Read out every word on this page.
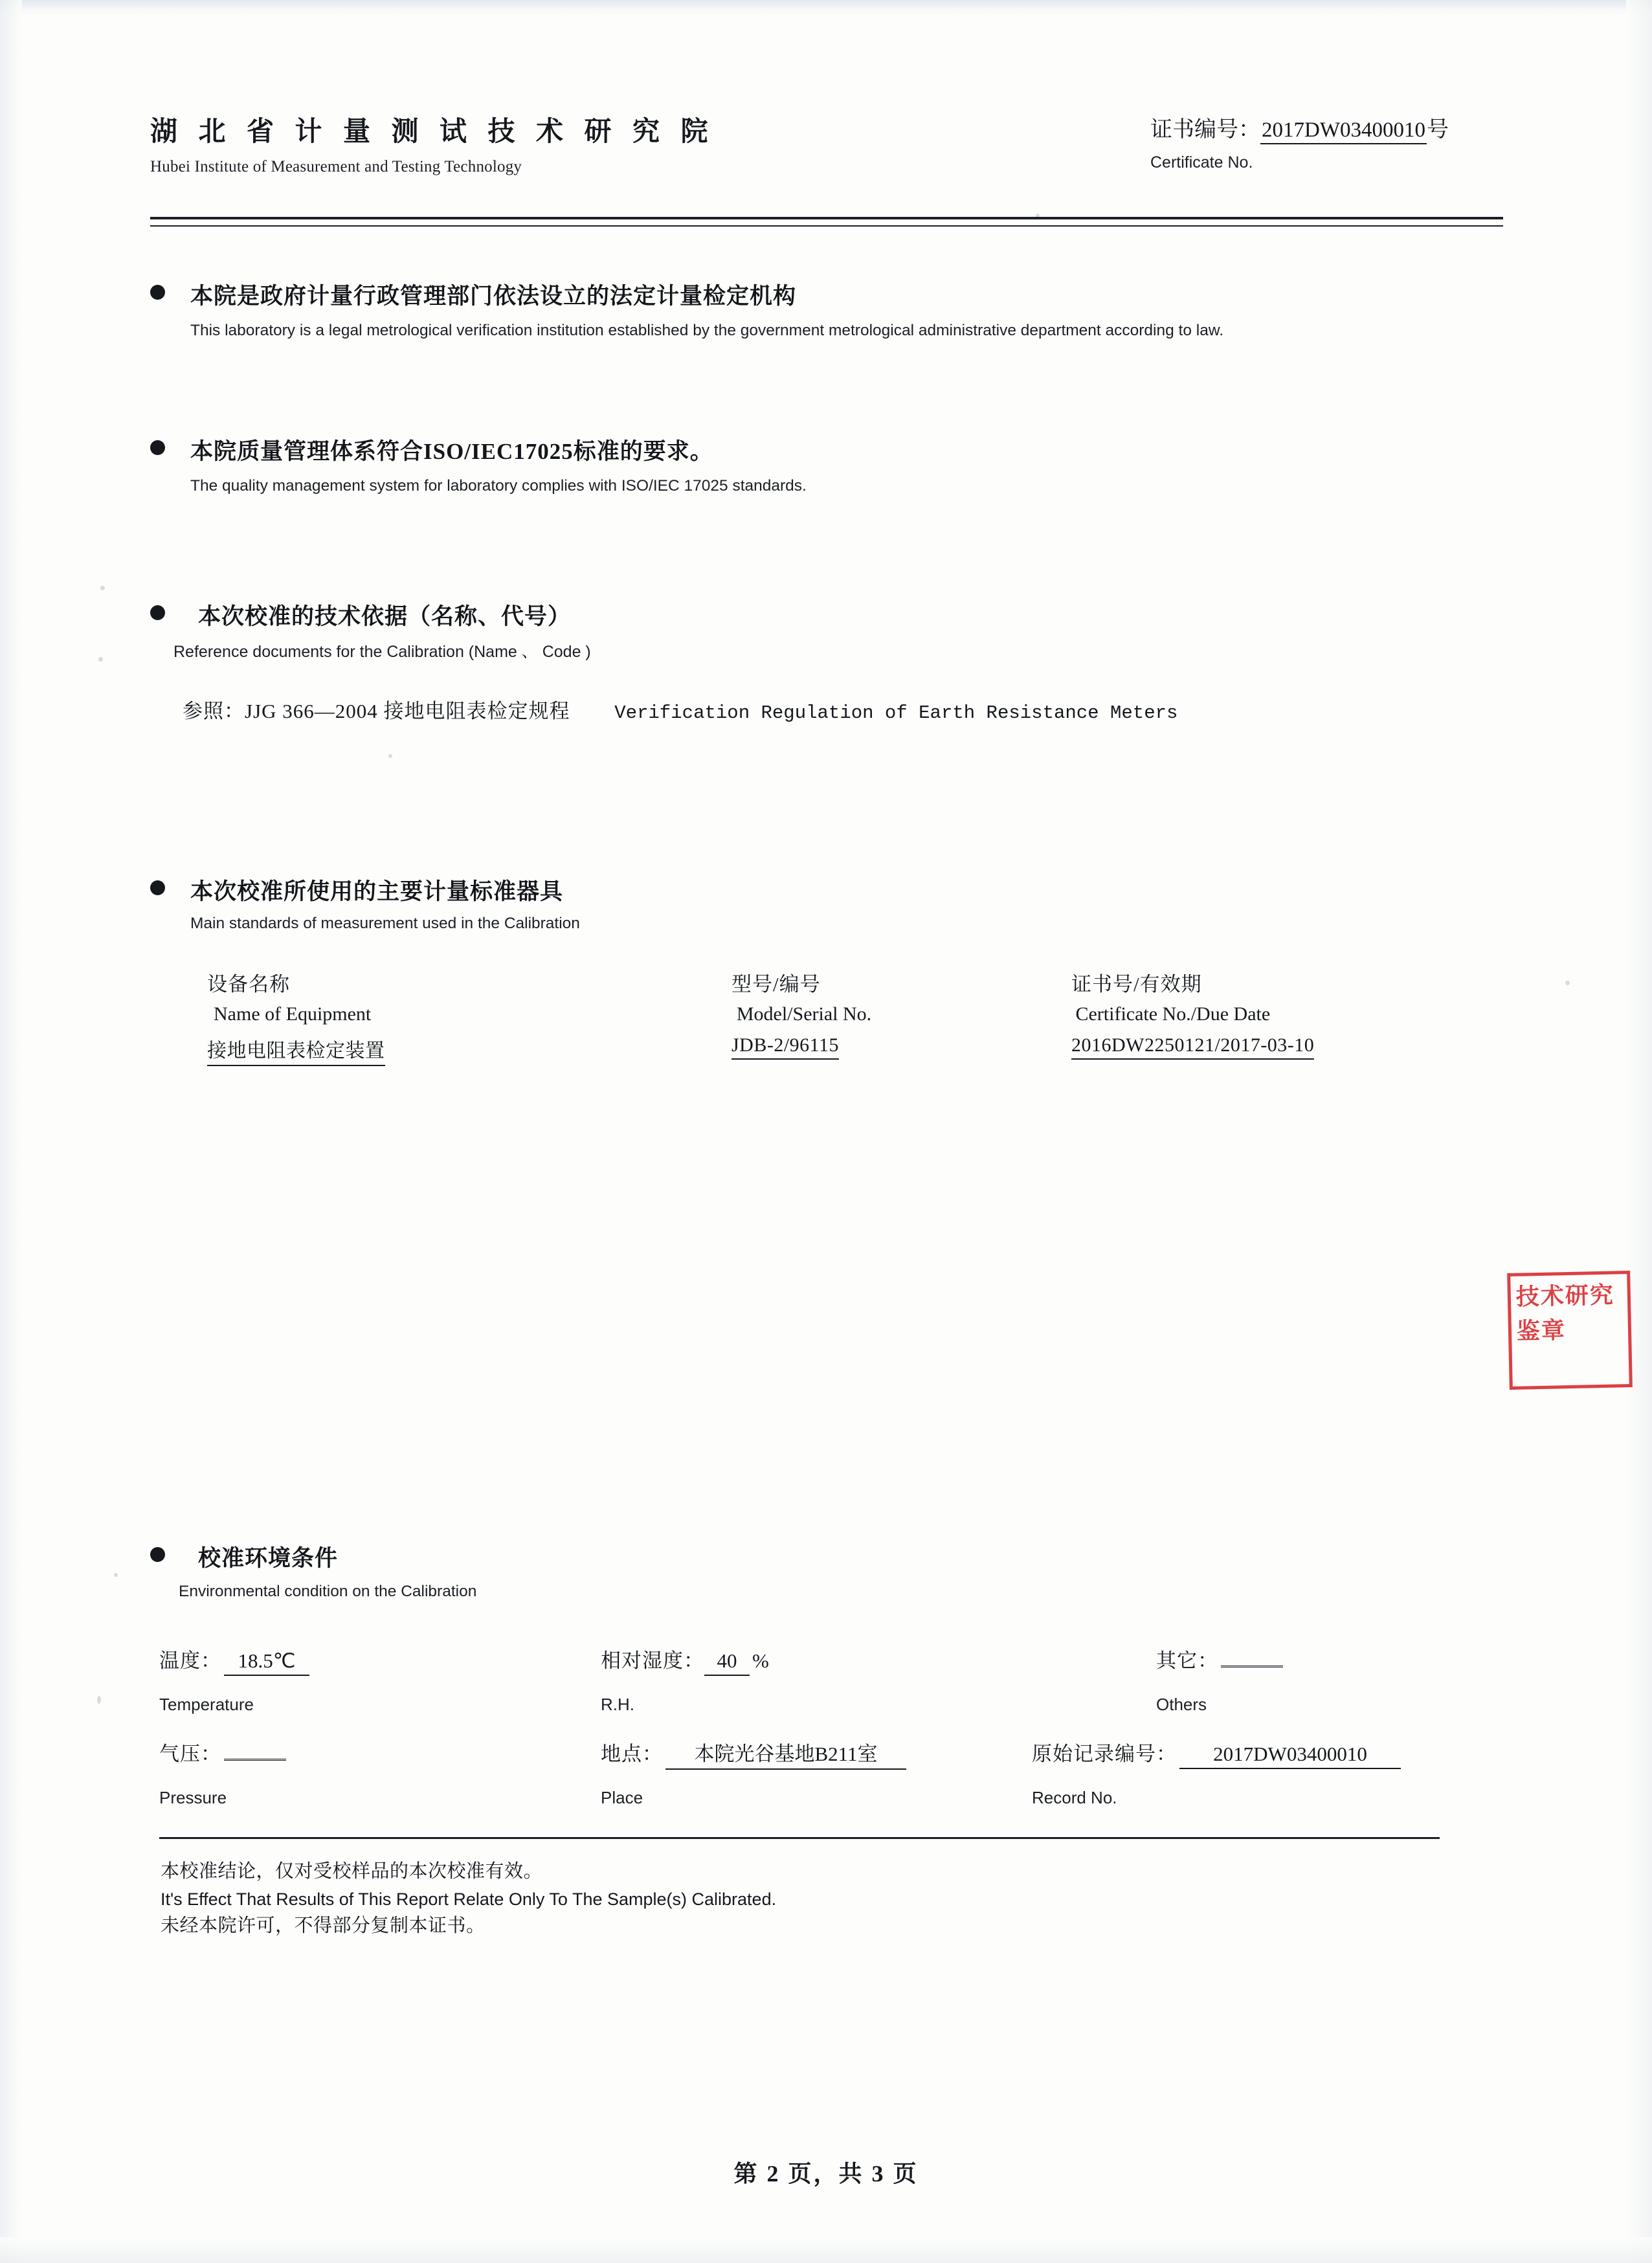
湖 北 省 计 量 测 试 技 术 研 究 院
Hubei Institute of Measurement and Testing Technology
证书编号：2017DW03400010号
Certificate No.
本院是政府计量行政管理部门依法设立的法定计量检定机构
This laboratory is a legal metrological verification institution established by the government metrological administrative department according to law.
本院质量管理体系符合ISO/IEC17025标准的要求。
The quality management system for laboratory complies with ISO/IEC 17025 standards.
本次校准的技术依据（名称、代号）
Reference documents for the Calibration (Name 、 Code )
参照：JJG 366—2004 接地电阻表检定规程 Verification Regulation of Earth Resistance Meters
本次校准所使用的主要计量标准器具
Main standards of measurement used in the Calibration
设备名称	型号/编号	证书号/有效期
Name of Equipment	Model/Serial No.	Certificate No./Due Date
接地电阻表检定装置	JDB-2/96115	2016DW2250121/2017-03-10
技术研究
鉴章
校准环境条件
Environmental condition on the Calibration
温度： 18.5℃	相对湿度： 40 %	其它：
Temperature	R.H.	Others
气压：	地点： 本院光谷基地B211室	原始记录编号： 2017DW03400010
Pressure	Place	Record No.
本校准结论，仅对受校样品的本次校准有效。
It's Effect That Results of This Report Relate Only To The Sample(s) Calibrated.
未经本院许可，不得部分复制本证书。
第 2 页，共 3 页
